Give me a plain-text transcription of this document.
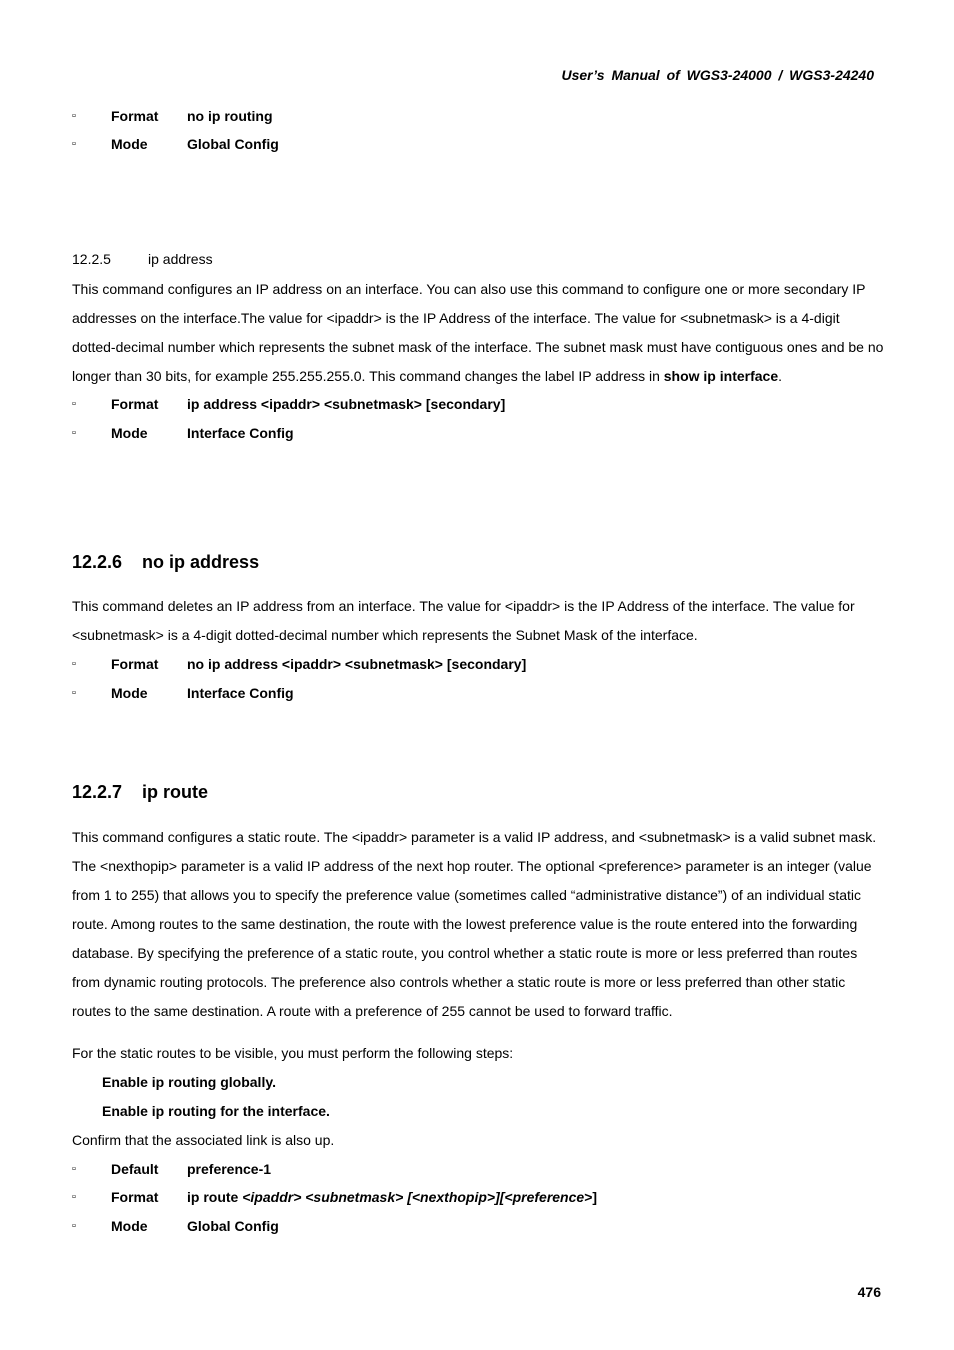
User’s Manual of WGS3-24000 / WGS3-24240
▫	Format no ip routing
▫	Mode	Global Config
12.2.5	ip address
This command configures an IP address on an interface. You can also use this command to configure one or more secondary IP addresses on the interface.The value for <ipaddr> is the IP Address of the interface. The value for <subnetmask> is a 4-digit dotted-decimal number which represents the subnet mask of the interface. The subnet mask must have contiguous ones and be no longer than 30 bits, for example 255.255.255.0. This command changes the label IP address in show ip interface.
▫	Format ip address <ipaddr> <subnetmask> [secondary]
▫	Mode	Interface Config
12.2.6 no ip address
This command deletes an IP address from an interface. The value for <ipaddr> is the IP Address of the interface. The value for <subnetmask> is a 4-digit dotted-decimal number which represents the Subnet Mask of the interface.
▫	Format no ip address <ipaddr> <subnetmask> [secondary]
▫	Mode	Interface Config
12.2.7 ip route
This command configures a static route. The <ipaddr> parameter is a valid IP address, and <subnetmask> is a valid subnet mask. The <nexthopip> parameter is a valid IP address of the next hop router. The optional <preference> parameter is an integer (value from 1 to 255) that allows you to specify the preference value (sometimes called “administrative distance”) of an individual static route. Among routes to the same destination, the route with the lowest preference value is the route entered into the forwarding database. By specifying the preference of a static route, you control whether a static route is more or less preferred than routes from dynamic routing protocols. The preference also controls whether a static route is more or less preferred than other static routes to the same destination. A route with a preference of 255 cannot be used to forward traffic.
For the static routes to be visible, you must perform the following steps:
Enable ip routing globally.
Enable ip routing for the interface.
Confirm that the associated link is also up.
▫	Default preference-1
▫	Format ip route <ipaddr> <subnetmask> [<nexthopip>][<preference>]
▫	Mode	Global Config
476
